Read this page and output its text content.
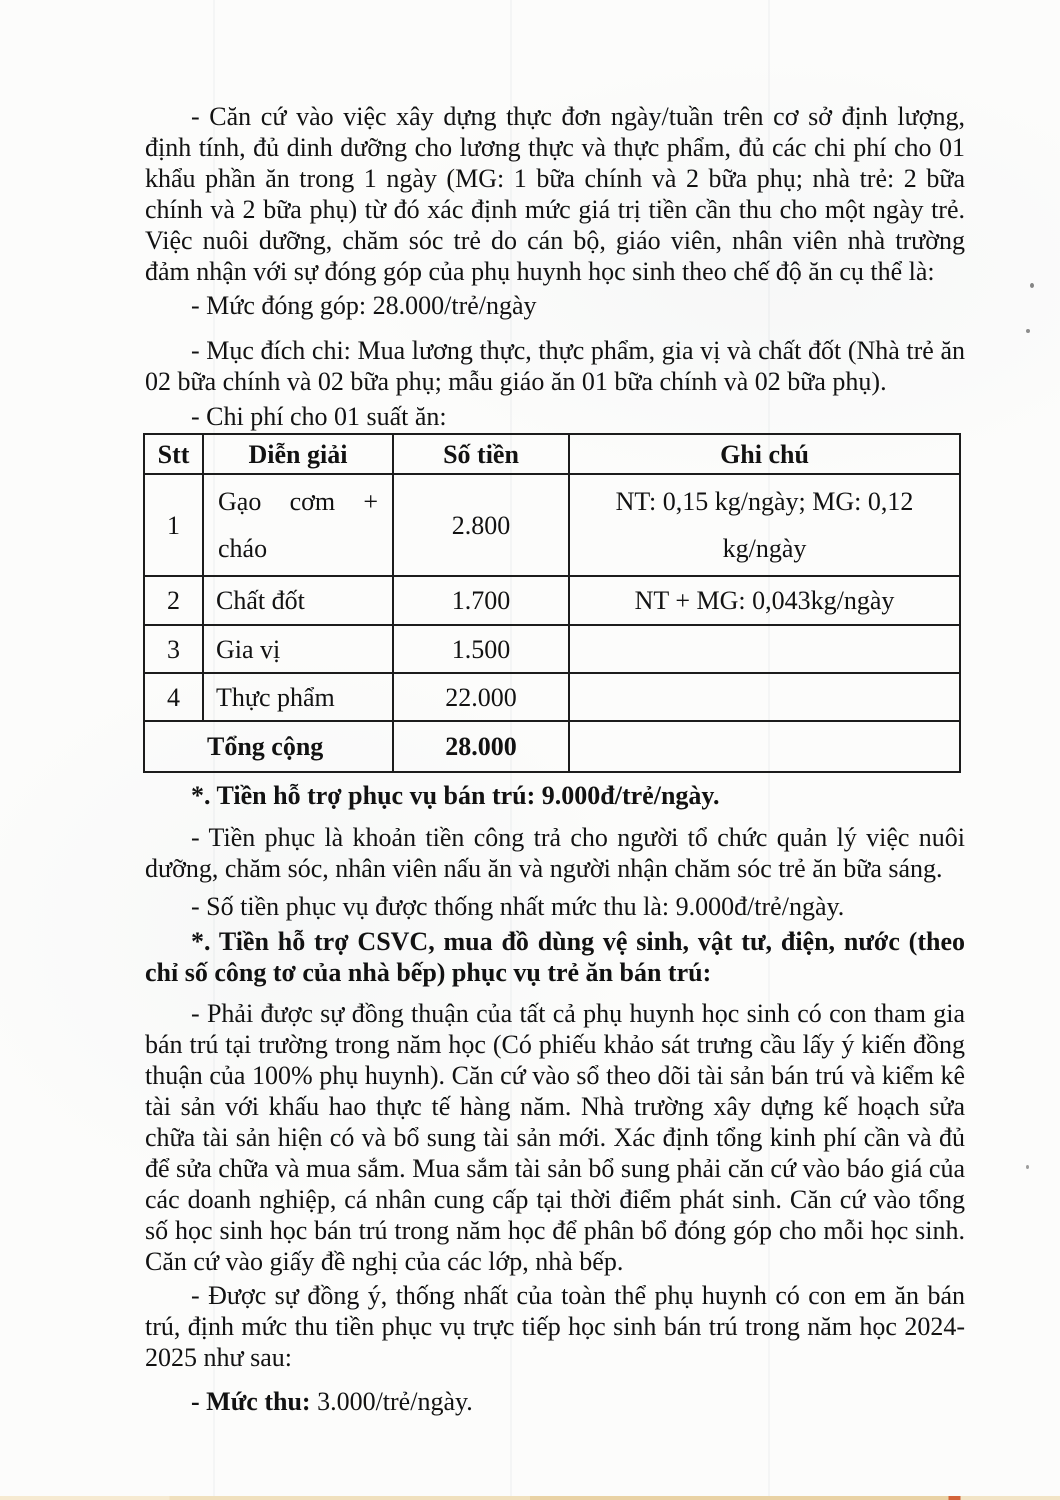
- Căn cứ vào việc xây dựng thực đơn ngày/tuần trên cơ sở định lượng, định tính, đủ dinh dưỡng cho lương thực và thực phẩm, đủ các chi phí cho 01 khẩu phần ăn trong 1 ngày (MG: 1 bữa chính và 2 bữa phụ; nhà trẻ: 2 bữa chính và 2 bữa phụ) từ đó xác định mức giá trị tiền cần thu cho một ngày trẻ. Việc nuôi dưỡng, chăm sóc trẻ do cán bộ, giáo viên, nhân viên nhà trường đảm nhận với sự đóng góp của phụ huynh học sinh theo chế độ ăn cụ thể là:

- Mức đóng góp: 28.000/trẻ/ngày

- Mục đích chi: Mua lương thực, thực phẩm, gia vị và chất đốt (Nhà trẻ ăn 02 bữa chính và 02 bữa phụ; mẫu giáo ăn 01 bữa chính và 02 bữa phụ).

- Chi phí cho 01 suất ăn:

Stt	Diễn giải	Số tiền	Ghi chú
1	Gạo cơm + cháo	2.800	NT: 0,15 kg/ngày; MG: 0,12 kg/ngày
2	Chất đốt	1.700	NT + MG: 0,043kg/ngày
3	Gia vị	1.500	
4	Thực phẩm	22.000	
Tổng cộng		28.000	

*. Tiền hỗ trợ phục vụ bán trú: 9.000đ/trẻ/ngày.

- Tiền phục là khoản tiền công trả cho người tổ chức quản lý việc nuôi dưỡng, chăm sóc, nhân viên nấu ăn và người nhận chăm sóc trẻ ăn bữa sáng.

- Số tiền phục vụ được thống nhất mức thu là: 9.000đ/trẻ/ngày.

*. Tiền hỗ trợ CSVC, mua đồ dùng vệ sinh, vật tư, điện, nước (theo chỉ số công tơ của nhà bếp) phục vụ trẻ ăn bán trú:

- Phải được sự đồng thuận của tất cả phụ huynh học sinh có con tham gia bán trú tại trường trong năm học (Có phiếu khảo sát trưng cầu lấy ý kiến đồng thuận của 100% phụ huynh). Căn cứ vào sổ theo dõi tài sản bán trú và kiểm kê tài sản với khấu hao thực tế hàng năm. Nhà trường xây dựng kế hoạch sửa chữa tài sản hiện có và bổ sung tài sản mới. Xác định tổng kinh phí cần và đủ để sửa chữa và mua sắm. Mua sắm tài sản bổ sung phải căn cứ vào báo giá của các doanh nghiệp, cá nhân cung cấp tại thời điểm phát sinh. Căn cứ vào tổng số học sinh học bán trú trong năm học để phân bổ đóng góp cho mỗi học sinh. Căn cứ vào giấy đề nghị của các lớp, nhà bếp.

- Được sự đồng ý, thống nhất của toàn thể phụ huynh có con em ăn bán trú, định mức thu tiền phục vụ trực tiếp học sinh bán trú trong năm học 2024-2025 như sau:

- Mức thu: 3.000/trẻ/ngày.
